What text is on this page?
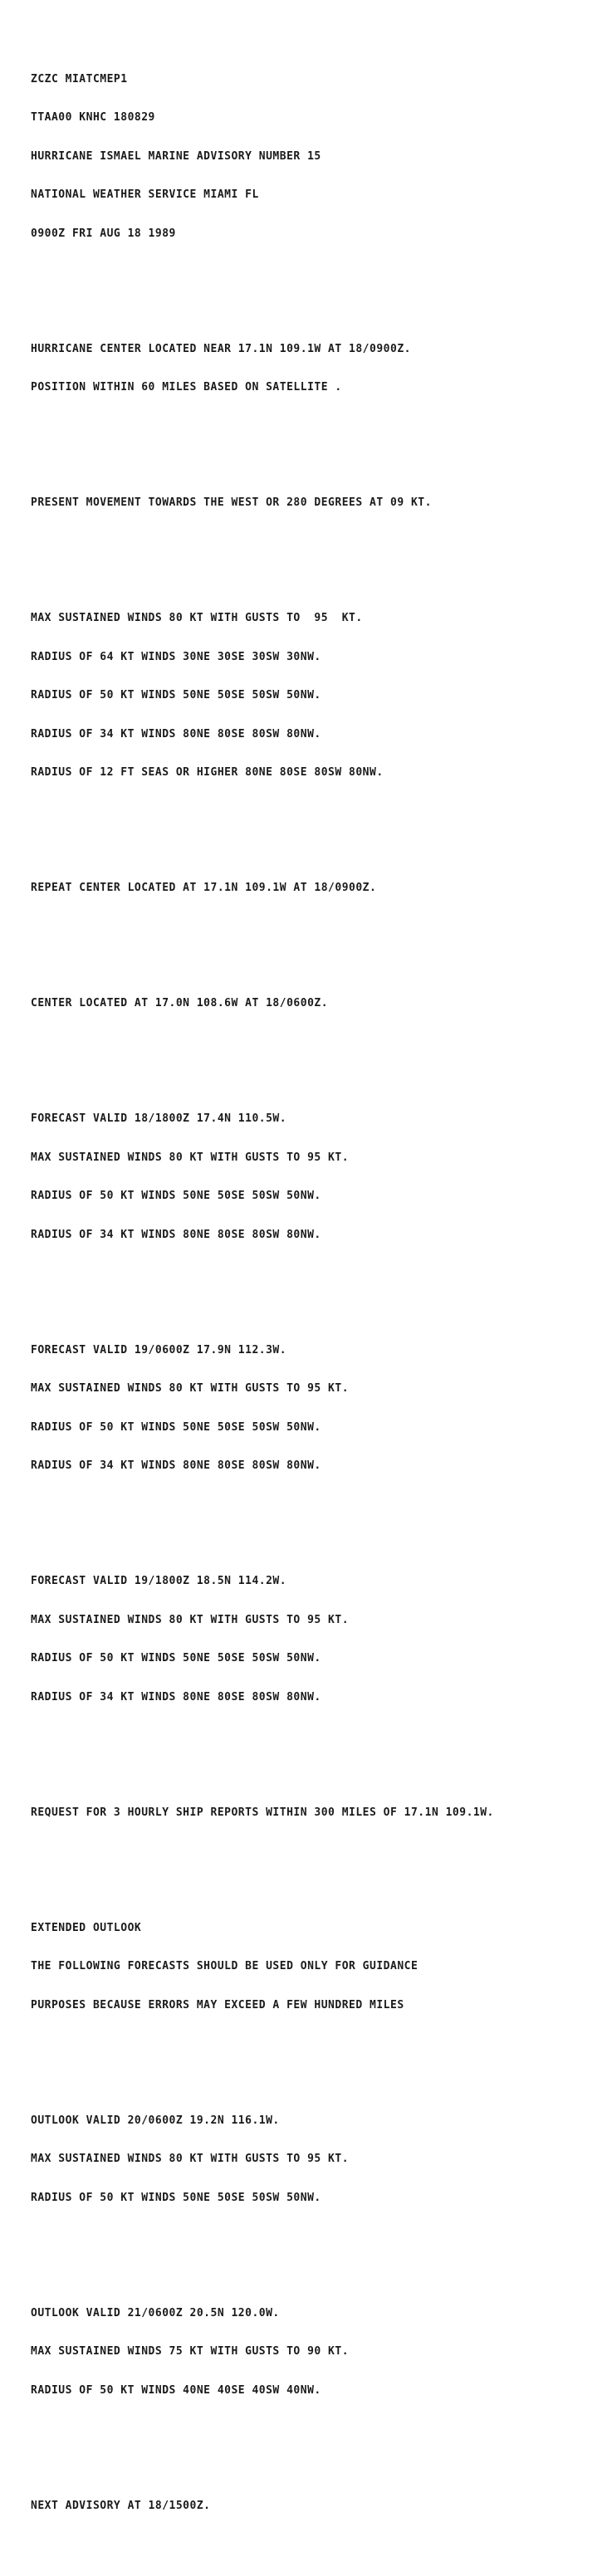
ZCZC MIATCMEP1

TTAA00 KNHC 180829

HURRICANE ISMAEL MARINE ADVISORY NUMBER 15

NATIONAL WEATHER SERVICE MIAMI FL

0900Z FRI AUG 18 1989

HURRICANE CENTER LOCATED NEAR 17.1N 109.1W AT 18/0900Z.

POSITION WITHIN 60 MILES BASED ON SATELLITE .

PRESENT MOVEMENT TOWARDS THE WEST OR 280 DEGREES AT 09 KT.

MAX SUSTAINED WINDS 80 KT WITH GUSTS TO  95  KT.

RADIUS OF 64 KT WINDS 30NE 30SE 30SW 30NW.

RADIUS OF 50 KT WINDS 50NE 50SE 50SW 50NW.

RADIUS OF 34 KT WINDS 80NE 80SE 80SW 80NW.

RADIUS OF 12 FT SEAS OR HIGHER 80NE 80SE 80SW 80NW.

REPEAT CENTER LOCATED AT 17.1N 109.1W AT 18/0900Z.

CENTER LOCATED AT 17.0N 108.6W AT 18/0600Z.

FORECAST VALID 18/1800Z 17.4N 110.5W.

MAX SUSTAINED WINDS 80 KT WITH GUSTS TO 95 KT.

RADIUS OF 50 KT WINDS 50NE 50SE 50SW 50NW.

RADIUS OF 34 KT WINDS 80NE 80SE 80SW 80NW.

FORECAST VALID 19/0600Z 17.9N 112.3W.

MAX SUSTAINED WINDS 80 KT WITH GUSTS TO 95 KT.

RADIUS OF 50 KT WINDS 50NE 50SE 50SW 50NW.

RADIUS OF 34 KT WINDS 80NE 80SE 80SW 80NW.

FORECAST VALID 19/1800Z 18.5N 114.2W.

MAX SUSTAINED WINDS 80 KT WITH GUSTS TO 95 KT.

RADIUS OF 50 KT WINDS 50NE 50SE 50SW 50NW.

RADIUS OF 34 KT WINDS 80NE 80SE 80SW 80NW.

REQUEST FOR 3 HOURLY SHIP REPORTS WITHIN 300 MILES OF 17.1N 109.1W.

EXTENDED OUTLOOK

THE FOLLOWING FORECASTS SHOULD BE USED ONLY FOR GUIDANCE

PURPOSES BECAUSE ERRORS MAY EXCEED A FEW HUNDRED MILES

OUTLOOK VALID 20/0600Z 19.2N 116.1W.

MAX SUSTAINED WINDS 80 KT WITH GUSTS TO 95 KT.

RADIUS OF 50 KT WINDS 50NE 50SE 50SW 50NW.

OUTLOOK VALID 21/0600Z 20.5N 120.0W.

MAX SUSTAINED WINDS 75 KT WITH GUSTS TO 90 KT.

RADIUS OF 50 KT WINDS 40NE 40SE 40SW 40NW.

NEXT ADVISORY AT 18/1500Z.
